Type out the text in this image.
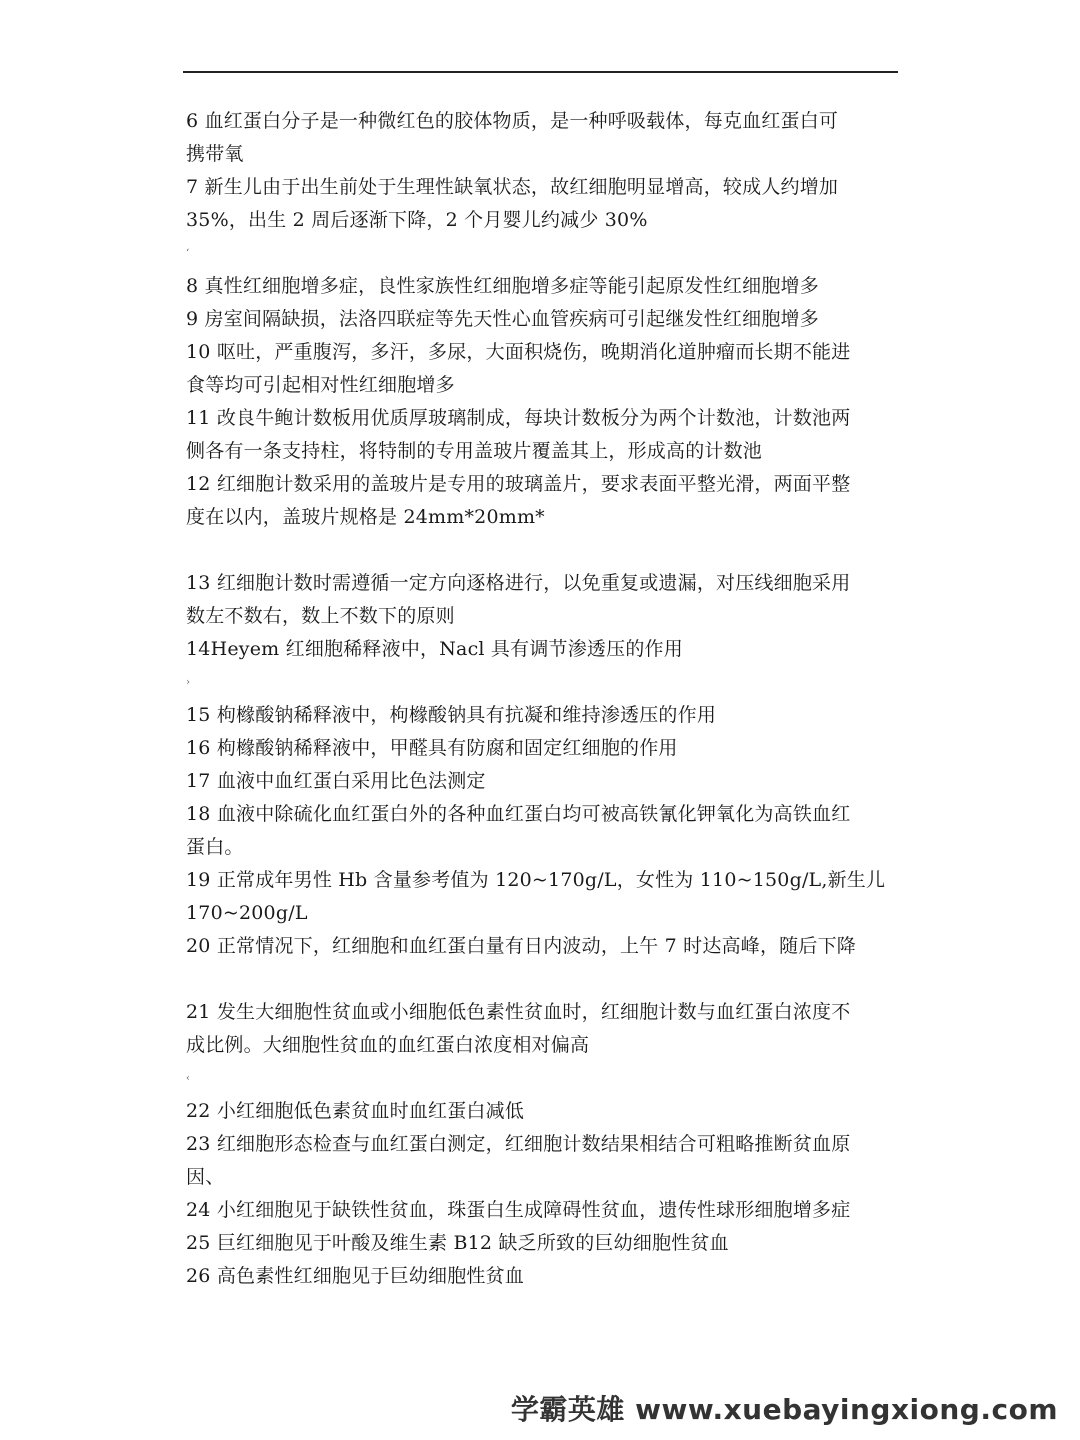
6 血红蛋白分子是一种微红色的胶体物质，是一种呼吸载体，每克血红蛋白可
携带氧

7 新生儿由于出生前处于生理性缺氧状态，故红细胞明显增高，较成人约增加
35%，出生 2 周后逐渐下降，2 个月婴儿约减少 30%

‘

8 真性红细胞增多症，良性家族性红细胞增多症等能引起原发性红细胞增多

9 房室间隔缺损，法洛四联症等先天性心血管疾病可引起继发性红细胞增多

10 呕吐，严重腹泻，多汗，多尿，大面积烧伤，晚期消化道肿瘤而长期不能进
食等均可引起相对性红细胞增多

11 改良牛鲍计数板用优质厚玻璃制成，每块计数板分为两个计数池，计数池两
侧各有一条支持柱，将特制的专用盖玻片覆盖其上，形成高的计数池

12 红细胞计数采用的盖玻片是专用的玻璃盖片，要求表面平整光滑，两面平整
度在以内，盖玻片规格是 24mm*20mm*

13 红细胞计数时需遵循一定方向逐格进行，以免重复或遗漏，对压线细胞采用
数左不数右，数上不数下的原则

14Heyem 红细胞稀释液中，Nacl 具有调节渗透压的作用

›

15 枸橼酸钠稀释液中，枸橼酸钠具有抗凝和维持渗透压的作用

16 枸橼酸钠稀释液中，甲醛具有防腐和固定红细胞的作用

17 血液中血红蛋白采用比色法测定

18 血液中除硫化血红蛋白外的各种血红蛋白均可被高铁氰化钾氧化为高铁血红
蛋白。

19 正常成年男性 Hb 含量参考值为 120~170g/L，女性为 110~150g/L,新生儿
170~200g/L

20 正常情况下，红细胞和血红蛋白量有日内波动，上午 7 时达高峰，随后下降

21 发生大细胞性贫血或小细胞低色素性贫血时，红细胞计数与血红蛋白浓度不
成比例。大细胞性贫血的血红蛋白浓度相对偏高

‹

22 小红细胞低色素贫血时血红蛋白减低

23 红细胞形态检查与血红蛋白测定，红细胞计数结果相结合可粗略推断贫血原
因、

24 小红细胞见于缺铁性贫血，珠蛋白生成障碍性贫血，遗传性球形细胞增多症

25 巨红细胞见于叶酸及维生素 B12 缺乏所致的巨幼细胞性贫血

26 高色素性红细胞见于巨幼细胞性贫血

学霸英雄 www.xuebayingxiong.com
